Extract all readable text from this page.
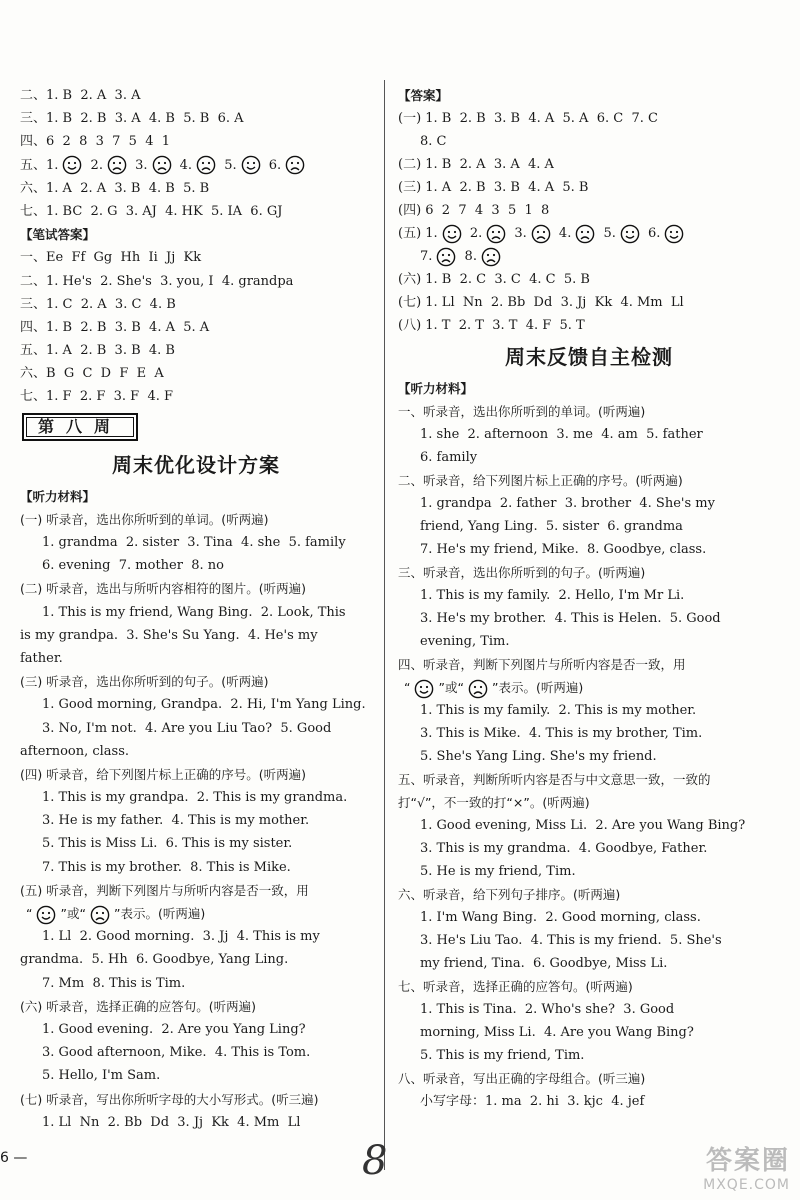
二、1. B  2. A  3. A
三、1. B  2. B  3. A  4. B  5. B  6. A
四、6  2  8  3  7  5  4  1
五、1. 2. 3. 4. 5. 6.
六、1. A  2. A  3. B  4. B  5. B
七、1. BC  2. G  3. AJ  4. HK  5. IA  6. GJ
【笔试答案】
一、Ee  Ff  Gg  Hh  Ii  Jj  Kk
二、1. He's  2. She's  3. you, I  4. grandpa
三、1. C  2. A  3. C  4. B
四、1. B  2. B  3. B  4. A  5. A
五、1. A  2. B  3. B  4. B
六、B  G  C  D  F  E  A
七、1. F  2. F  3. F  4. F
第八周
周末优化设计方案
【听力材料】
(一) 听录音，选出你所听到的单词。(听两遍)
1. grandma  2. sister  3. Tina  4. she  5. family
6. evening  7. mother  8. no
(二) 听录音，选出与所听内容相符的图片。(听两遍)
1. This is my friend, Wang Bing.  2. Look, This
is my grandpa.  3. She's Su Yang.  4. He's my
father.
(三) 听录音，选出你所听到的句子。(听两遍)
1. Good morning, Grandpa.  2. Hi, I'm Yang Ling.
3. No, I'm not.  4. Are you Liu Tao?  5. Good
afternoon, class.
(四) 听录音，给下列图片标上正确的序号。(听两遍)
1. This is my grandpa.  2. This is my grandma.
3. He is my father.  4. This is my mother.
5. This is Miss Li.  6. This is my sister.
7. This is my brother.  8. This is Mike.
(五) 听录音，判断下列图片与所听内容是否一致，用
“ ”或“ ”表示。(听两遍)
1. Ll  2. Good morning.  3. Jj  4. This is my
grandma.  5. Hh  6. Goodbye, Yang Ling.
7. Mm  8. This is Tim.
(六) 听录音，选择正确的应答句。(听两遍)
1. Good evening.  2. Are you Yang Ling?
3. Good afternoon, Mike.  4. This is Tom.
5. Hello, I'm Sam.
(七) 听录音，写出你所听字母的大小写形式。(听三遍)
1. Ll  Nn  2. Bb  Dd  3. Jj  Kk  4. Mm  Ll
【答案】
(一) 1. B  2. B  3. B  4. A  5. A  6. C  7. C
8. C
(二) 1. B  2. A  3. A  4. A
(三) 1. A  2. B  3. B  4. A  5. B
(四) 6  2  7  4  3  5  1  8
(五) 1. 2. 3. 4. 5. 6.
7. 8.
(六) 1. B  2. C  3. C  4. C  5. B
(七) 1. Ll  Nn  2. Bb  Dd  3. Jj  Kk  4. Mm  Ll
(八) 1. T  2. T  3. T  4. F  5. T
周末反馈自主检测
【听力材料】
一、听录音，选出你所听到的单词。(听两遍)
1. she  2. afternoon  3. me  4. am  5. father
6. family
二、听录音，给下列图片标上正确的序号。(听两遍)
1. grandpa  2. father  3. brother  4. She's my
friend, Yang Ling.  5. sister  6. grandma
7. He's my friend, Mike.  8. Goodbye, class.
三、听录音，选出你所听到的句子。(听两遍)
1. This is my family.  2. Hello, I'm Mr Li.
3. He's my brother.  4. This is Helen.  5. Good
evening, Tim.
四、听录音，判断下列图片与所听内容是否一致，用
“ ”或“ ”表示。(听两遍)
1. This is my family.  2. This is my mother.
3. This is Mike.  4. This is my brother, Tim.
5. She's Yang Ling. She's my friend.
五、听录音，判断所听内容是否与中文意思一致，一致的
打“√”，不一致的打“×”。(听两遍)
1. Good evening, Miss Li.  2. Are you Wang Bing?
3. This is my grandma.  4. Goodbye, Father.
5. He is my friend, Tim.
六、听录音，给下列句子排序。(听两遍)
1. I'm Wang Bing.  2. Good morning, class.
3. He's Liu Tao.  4. This is my friend.  5. She's
my friend, Tina.  6. Goodbye, Miss Li.
七、听录音，选择正确的应答句。(听两遍)
1. This is Tina.  2. Who's she?  3. Good
morning, Miss Li.  4. Are you Wang Bing?
5. This is my friend, Tim.
八、听录音，写出正确的字母组合。(听三遍)
小写字母：1. ma  2. hi  3. kjc  4. jef
6 —	8	答案圈
MXQE.COM
